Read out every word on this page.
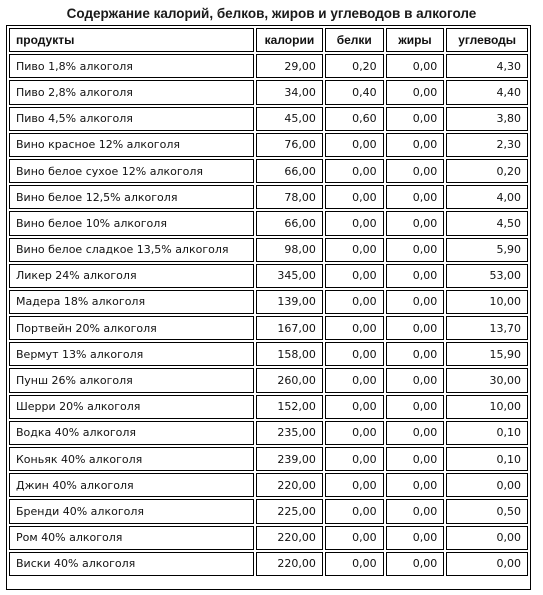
Содержание калорий, белков, жиров и углеводов в алкоголе
продукты	калории	белки	жиры	углеводы
Пиво 1,8% алкоголя	29,00	0,20	0,00	4,30
Пиво 2,8% алкоголя	34,00	0,40	0,00	4,40
Пиво 4,5% алкоголя	45,00	0,60	0,00	3,80
Вино красное 12% алкоголя	76,00	0,00	0,00	2,30
Вино белое сухое 12% алкоголя	66,00	0,00	0,00	0,20
Вино белое 12,5% алкоголя	78,00	0,00	0,00	4,00
Вино белое 10% алкоголя	66,00	0,00	0,00	4,50
Вино белое сладкое 13,5% алкоголя	98,00	0,00	0,00	5,90
Ликер 24% алкоголя	345,00	0,00	0,00	53,00
Мадера 18% алкоголя	139,00	0,00	0,00	10,00
Портвейн 20% алкоголя	167,00	0,00	0,00	13,70
Вермут 13% алкоголя	158,00	0,00	0,00	15,90
Пунш 26% алкоголя	260,00	0,00	0,00	30,00
Шерри 20% алкоголя	152,00	0,00	0,00	10,00
Водка 40% алкоголя	235,00	0,00	0,00	0,10
Коньяк 40% алкоголя	239,00	0,00	0,00	0,10
Джин 40% алкоголя	220,00	0,00	0,00	0,00
Бренди 40% алкоголя	225,00	0,00	0,00	0,50
Ром 40% алкоголя	220,00	0,00	0,00	0,00
Виски 40% алкоголя	220,00	0,00	0,00	0,00
